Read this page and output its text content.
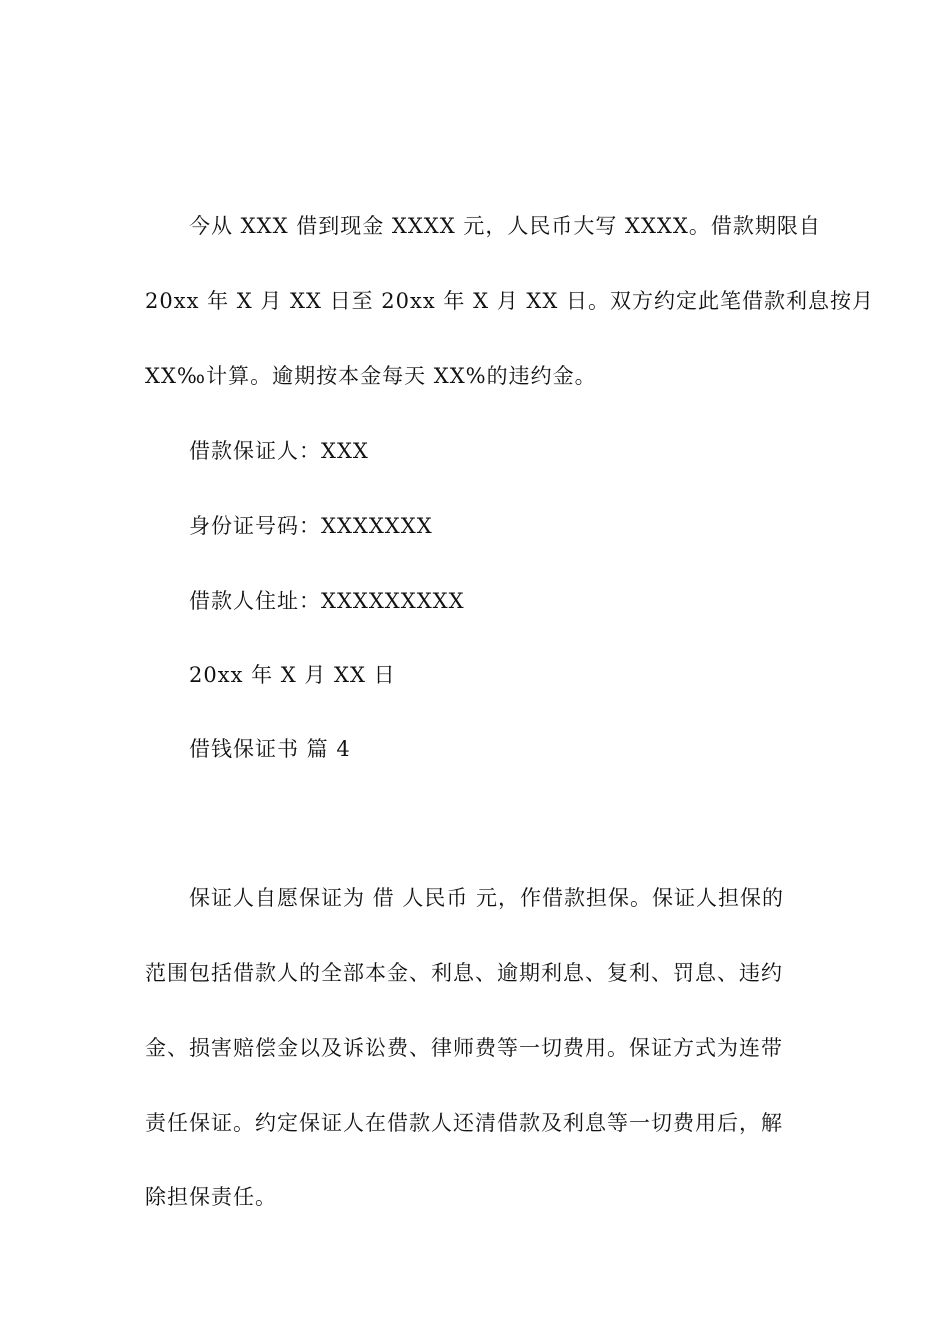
今从 XXX 借到现金 XXXX 元，人民币大写 XXXX。借款期限自
20xx 年 X 月 XX 日至 20xx 年 X 月 XX 日。双方约定此笔借款利息按月
XX‰计算。逾期按本金每天 XX%的违约金。
借款保证人：XXX
身份证号码：XXXXXXX
借款人住址：XXXXXXXXX
20xx 年 X 月 XX 日
借钱保证书 篇 4
保证人自愿保证为 借 人民币 元，作借款担保。保证人担保的
范围包括借款人的全部本金、利息、逾期利息、复利、罚息、违约
金、损害赔偿金以及诉讼费、律师费等一切费用。保证方式为连带
责任保证。约定保证人在借款人还清借款及利息等一切费用后，解
除担保责任。
